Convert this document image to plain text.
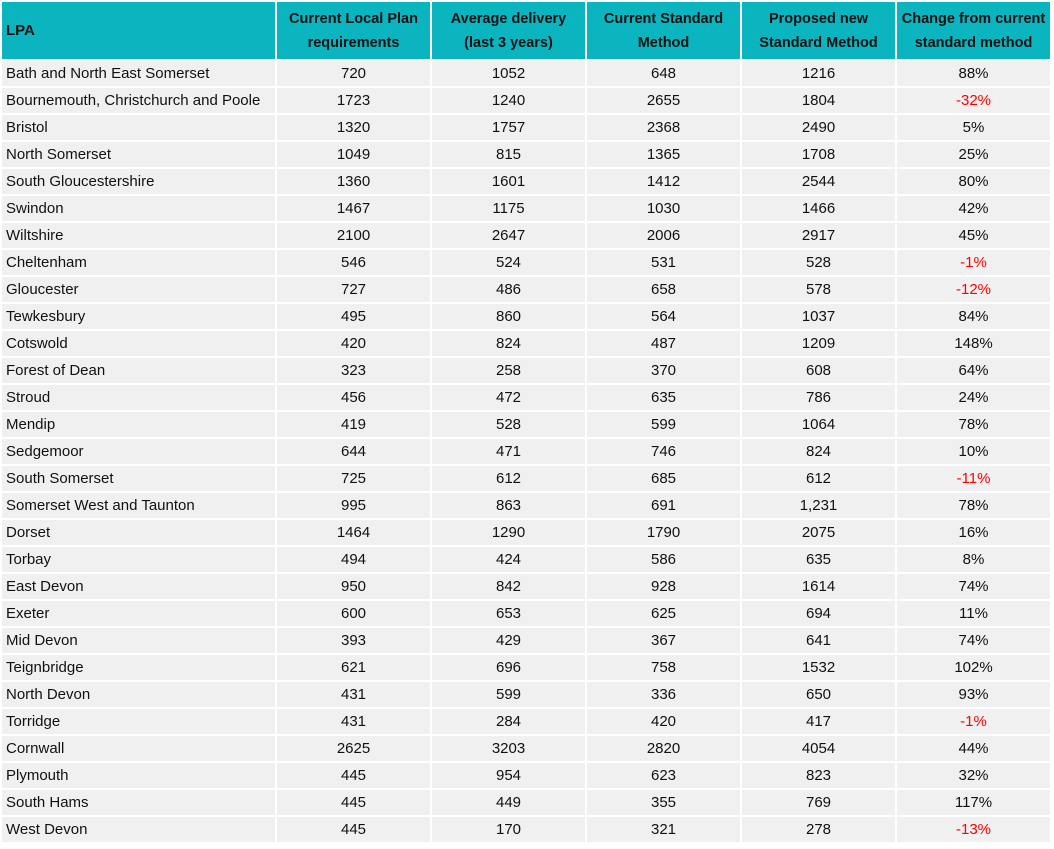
LPA	Current Local Plan requirements	Average delivery (last 3 years)	Current Standard Method	Proposed new Standard Method	Change from current standard method
Bath and North East Somerset	720	1052	648	1216	88%
Bournemouth, Christchurch and Poole	1723	1240	2655	1804	-32%
Bristol	1320	1757	2368	2490	5%
North Somerset	1049	815	1365	1708	25%
South Gloucestershire	1360	1601	1412	2544	80%
Swindon	1467	1175	1030	1466	42%
Wiltshire	2100	2647	2006	2917	45%
Cheltenham	546	524	531	528	-1%
Gloucester	727	486	658	578	-12%
Tewkesbury	495	860	564	1037	84%
Cotswold	420	824	487	1209	148%
Forest of Dean	323	258	370	608	64%
Stroud	456	472	635	786	24%
Mendip	419	528	599	1064	78%
Sedgemoor	644	471	746	824	10%
South Somerset	725	612	685	612	-11%
Somerset West and Taunton	995	863	691	1,231	78%
Dorset	1464	1290	1790	2075	16%
Torbay	494	424	586	635	8%
East Devon	950	842	928	1614	74%
Exeter	600	653	625	694	11%
Mid Devon	393	429	367	641	74%
Teignbridge	621	696	758	1532	102%
North Devon	431	599	336	650	93%
Torridge	431	284	420	417	-1%
Cornwall	2625	3203	2820	4054	44%
Plymouth	445	954	623	823	32%
South Hams	445	449	355	769	117%
West Devon	445	170	321	278	-13%
